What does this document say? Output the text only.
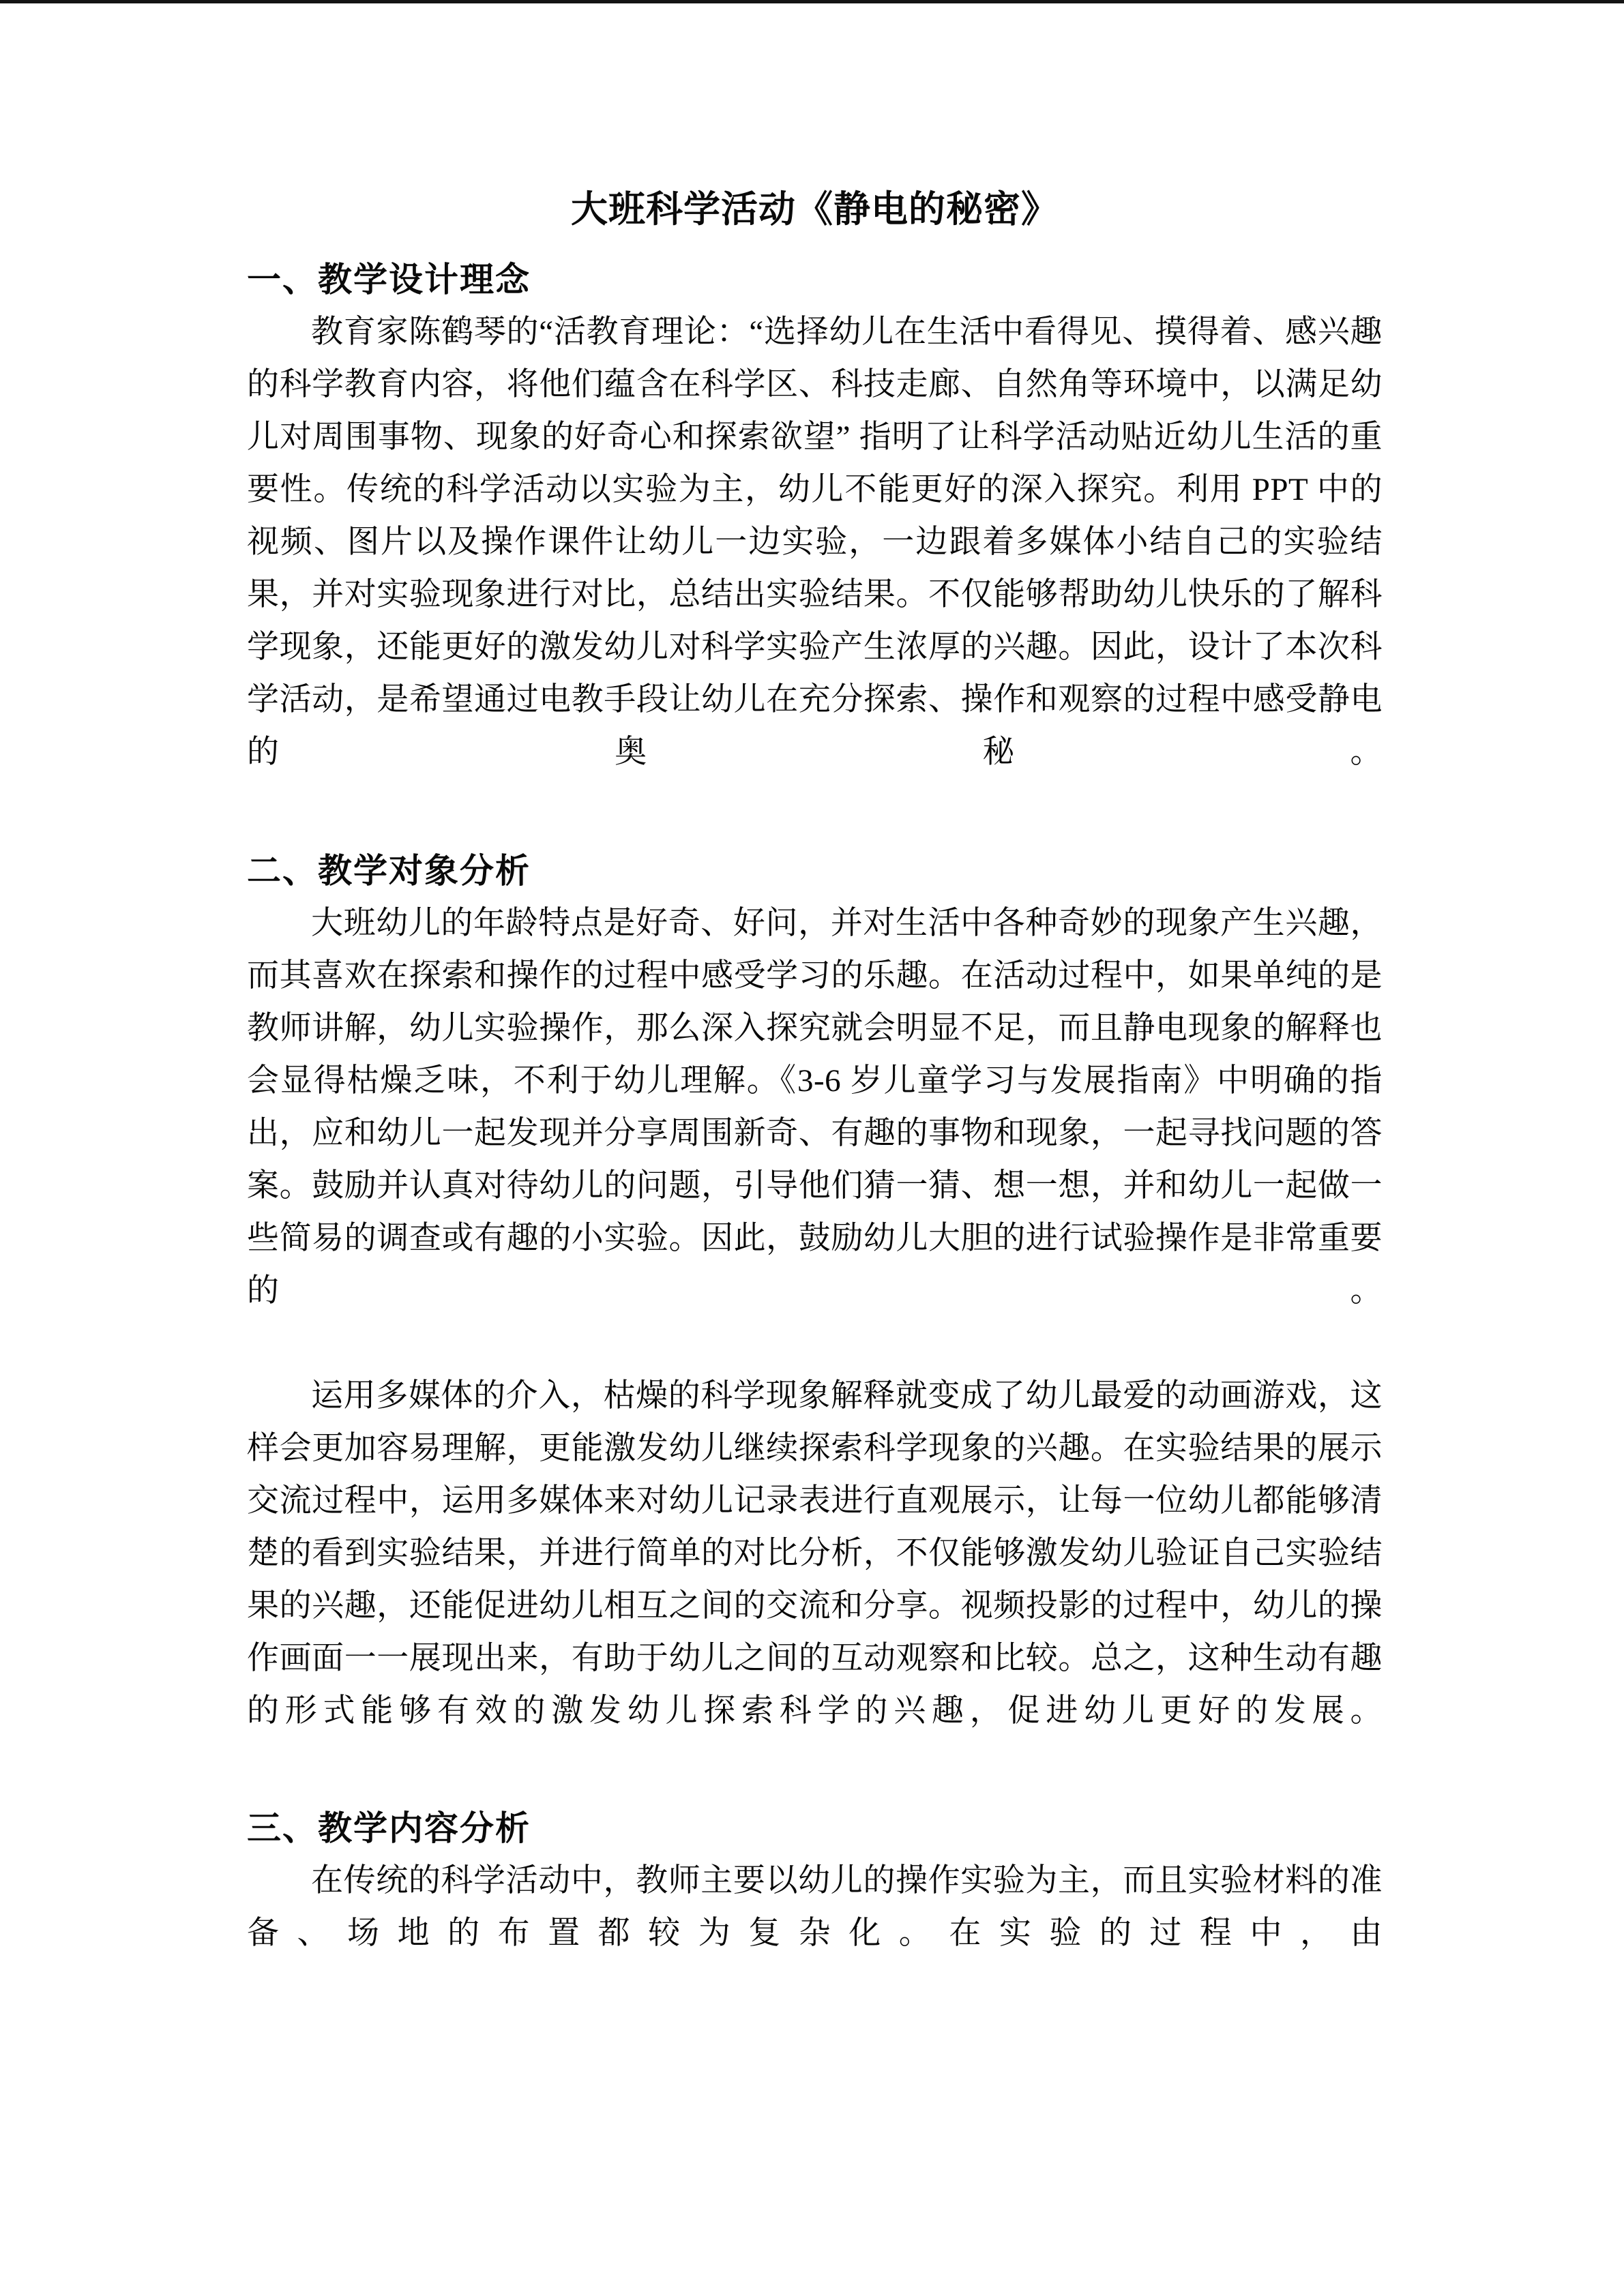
大班科学活动《静电的秘密》
一、教学设计理念

教育家陈鹤琴的“活教育理论：“选择幼儿在生活中看得见、摸得着、感兴趣的科学教育内容，将他们蕴含在科学区、科技走廊、自然角等环境中，以满足幼儿对周围事物、现象的好奇心和探索欲望” 指明了让科学活动贴近幼儿生活的重要性。传统的科学活动以实验为主，幼儿不能更好的深入探究。利用 PPT 中的视频、图片以及操作课件让幼儿一边实验，一边跟着多媒体小结自己的实验结果，并对实验现象进行对比，总结出实验结果。不仅能够帮助幼儿快乐的了解科学现象，还能更好的激发幼儿对科学实验产生浓厚的兴趣。因此，设计了本次科学活动，是希望通过电教手段让幼儿在充分探索、操作和观察的过程中感受静电的奥秘。

二、教学对象分析

大班幼儿的年龄特点是好奇、好问，并对生活中各种奇妙的现象产生兴趣，而其喜欢在探索和操作的过程中感受学习的乐趣。在活动过程中，如果单纯的是教师讲解，幼儿实验操作，那么深入探究就会明显不足，而且静电现象的解释也会显得枯燥乏味，不利于幼儿理解。《3-6 岁儿童学习与发展指南》中明确的指出，应和幼儿一起发现并分享周围新奇、有趣的事物和现象，一起寻找问题的答案。鼓励并认真对待幼儿的问题，引导他们猜一猜、想一想，并和幼儿一起做一些简易的调查或有趣的小实验。因此，鼓励幼儿大胆的进行试验操作是非常重要的。

运用多媒体的介入，枯燥的科学现象解释就变成了幼儿最爱的动画游戏，这样会更加容易理解，更能激发幼儿继续探索科学现象的兴趣。在实验结果的展示交流过程中，运用多媒体来对幼儿记录表进行直观展示，让每一位幼儿都能够清楚的看到实验结果，并进行简单的对比分析，不仅能够激发幼儿验证自己实验结果的兴趣，还能促进幼儿相互之间的交流和分享。视频投影的过程中，幼儿的操作画面一一展现出来，有助于幼儿之间的互动观察和比较。总之，这种生动有趣的形式能够有效的激发幼儿探索科学的兴趣，促进幼儿更好的发展。

三、教学内容分析

在传统的科学活动中，教师主要以幼儿的操作实验为主，而且实验材料的准备、场地的布置都较为复杂化。在实验的过程中，由
